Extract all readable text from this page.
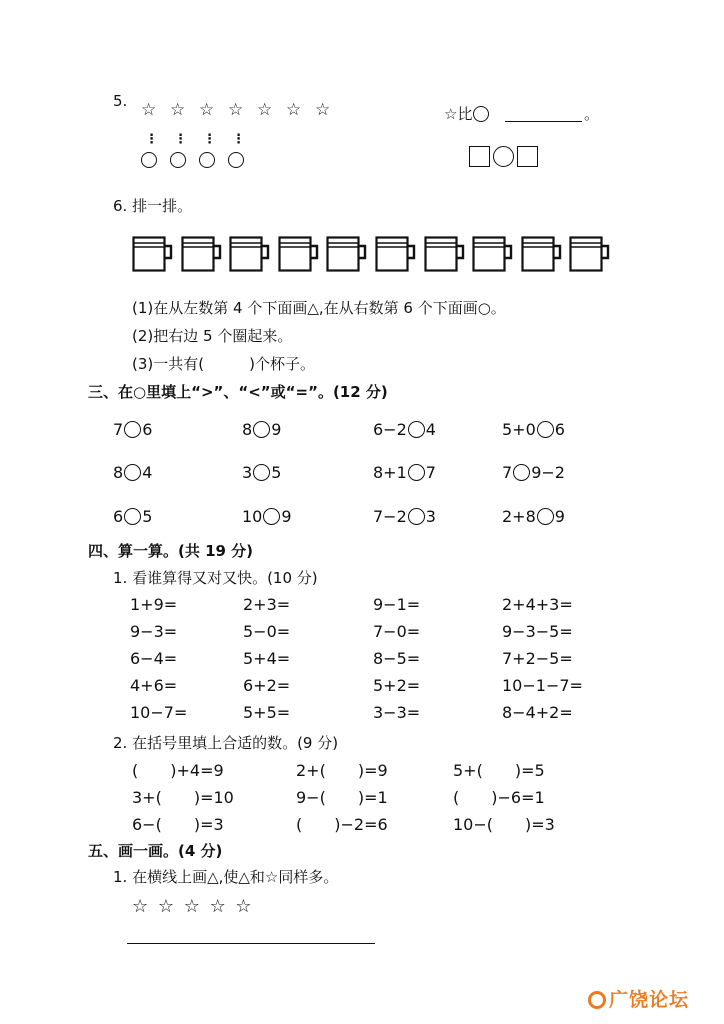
5. ☆ ☆ ☆ ☆ ☆ ☆ ☆
⋮ ⋮ ⋮ ⋮
☆比	。
6. 排一排。
(1)在从左数第 4 个下面画△,在从右数第 6 个下面画○。
(2)把右边 5 个圈起来。
(3)一共有(　　　)个杯子。
三、在○里填上“>”、“<”或“=”。(12 分)
7 6	8 9	6−2 4	5+0 6
8 4	3 5	8+1 7	7 9−2
6 5	10 9	7−2 3	2+8 9
四、算一算。(共 19 分)
1. 看谁算得又对又快。(10 分)
1+9=	2+3=	9−1=	2+4+3=
9−3=	5−0=	7−0=	9−3−5=
6−4=	5+4=	8−5=	7+2−5=
4+6=	6+2=	5+2=	10−1−7=
10−7=	5+5=	3−3=	8−4+2=
2. 在括号里填上合适的数。(9 分)
(　　)+4=9	2+(　　)=9	5+(　　)=5
3+(　　)=10	9−(　　)=1	(　　)−6=1
6−(　　)=3	(　　)−2=6	10−(　　)=3
五、画一画。(4 分)
1. 在横线上画△,使△和☆同样多。
☆ ☆ ☆ ☆ ☆
广饶论坛
